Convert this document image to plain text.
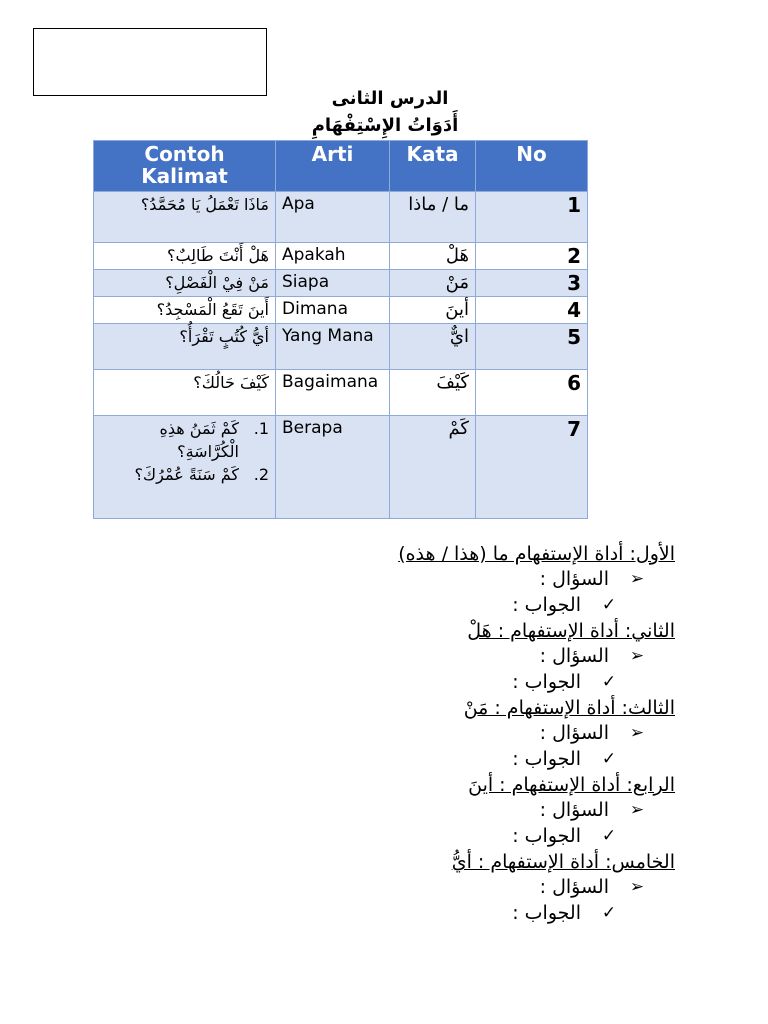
الدرس الثانى
أَدَوَاتُ الإِسْتِفْهَامِ
Contoh Kalimat	Arti	Kata	No
مَاذَا تَعْمَلُ يَا مُحَمَّدُ؟	Apa	ما / ماذا	1
هَلْ أَنْتَ طَالِبٌ؟	Apakah	هَلْ	2
مَنْ فِيْ الْفَصْلِ؟	Siapa	مَنْ	3
أَينَ تَقَعُ الْمَسْجِدُ؟	Dimana	أينَ	4
أيُّ كُتُبٍ تَقْرَأُ؟	Yang Mana	ايٌّ	5
كَيْفَ حَالُكَ؟	Bagaimana	كَيْفَ	6

1.
كَمْ ثَمَنُ هذِهِ الْكُرَّاسَةِ؟
2.
كَمْ سَنَةً عُمْرُكَ؟	Berapa	كَمْ	7
الأول: أداة الإستفهام ما (هذا / هذه)
➢
السؤال :
✓
الجواب :
الثاني: أداة الإستفهام : هَلْ
➢
السؤال :
✓
الجواب :
الثالث: أداة الإستفهام : مَنْ
➢
السؤال :
✓
الجواب :
الرابع: أداة الإستفهام : أينَ
➢
السؤال :
✓
الجواب :
الخامس: أداة الإستفهام : أيُّ
➢
السؤال :
✓
الجواب :
